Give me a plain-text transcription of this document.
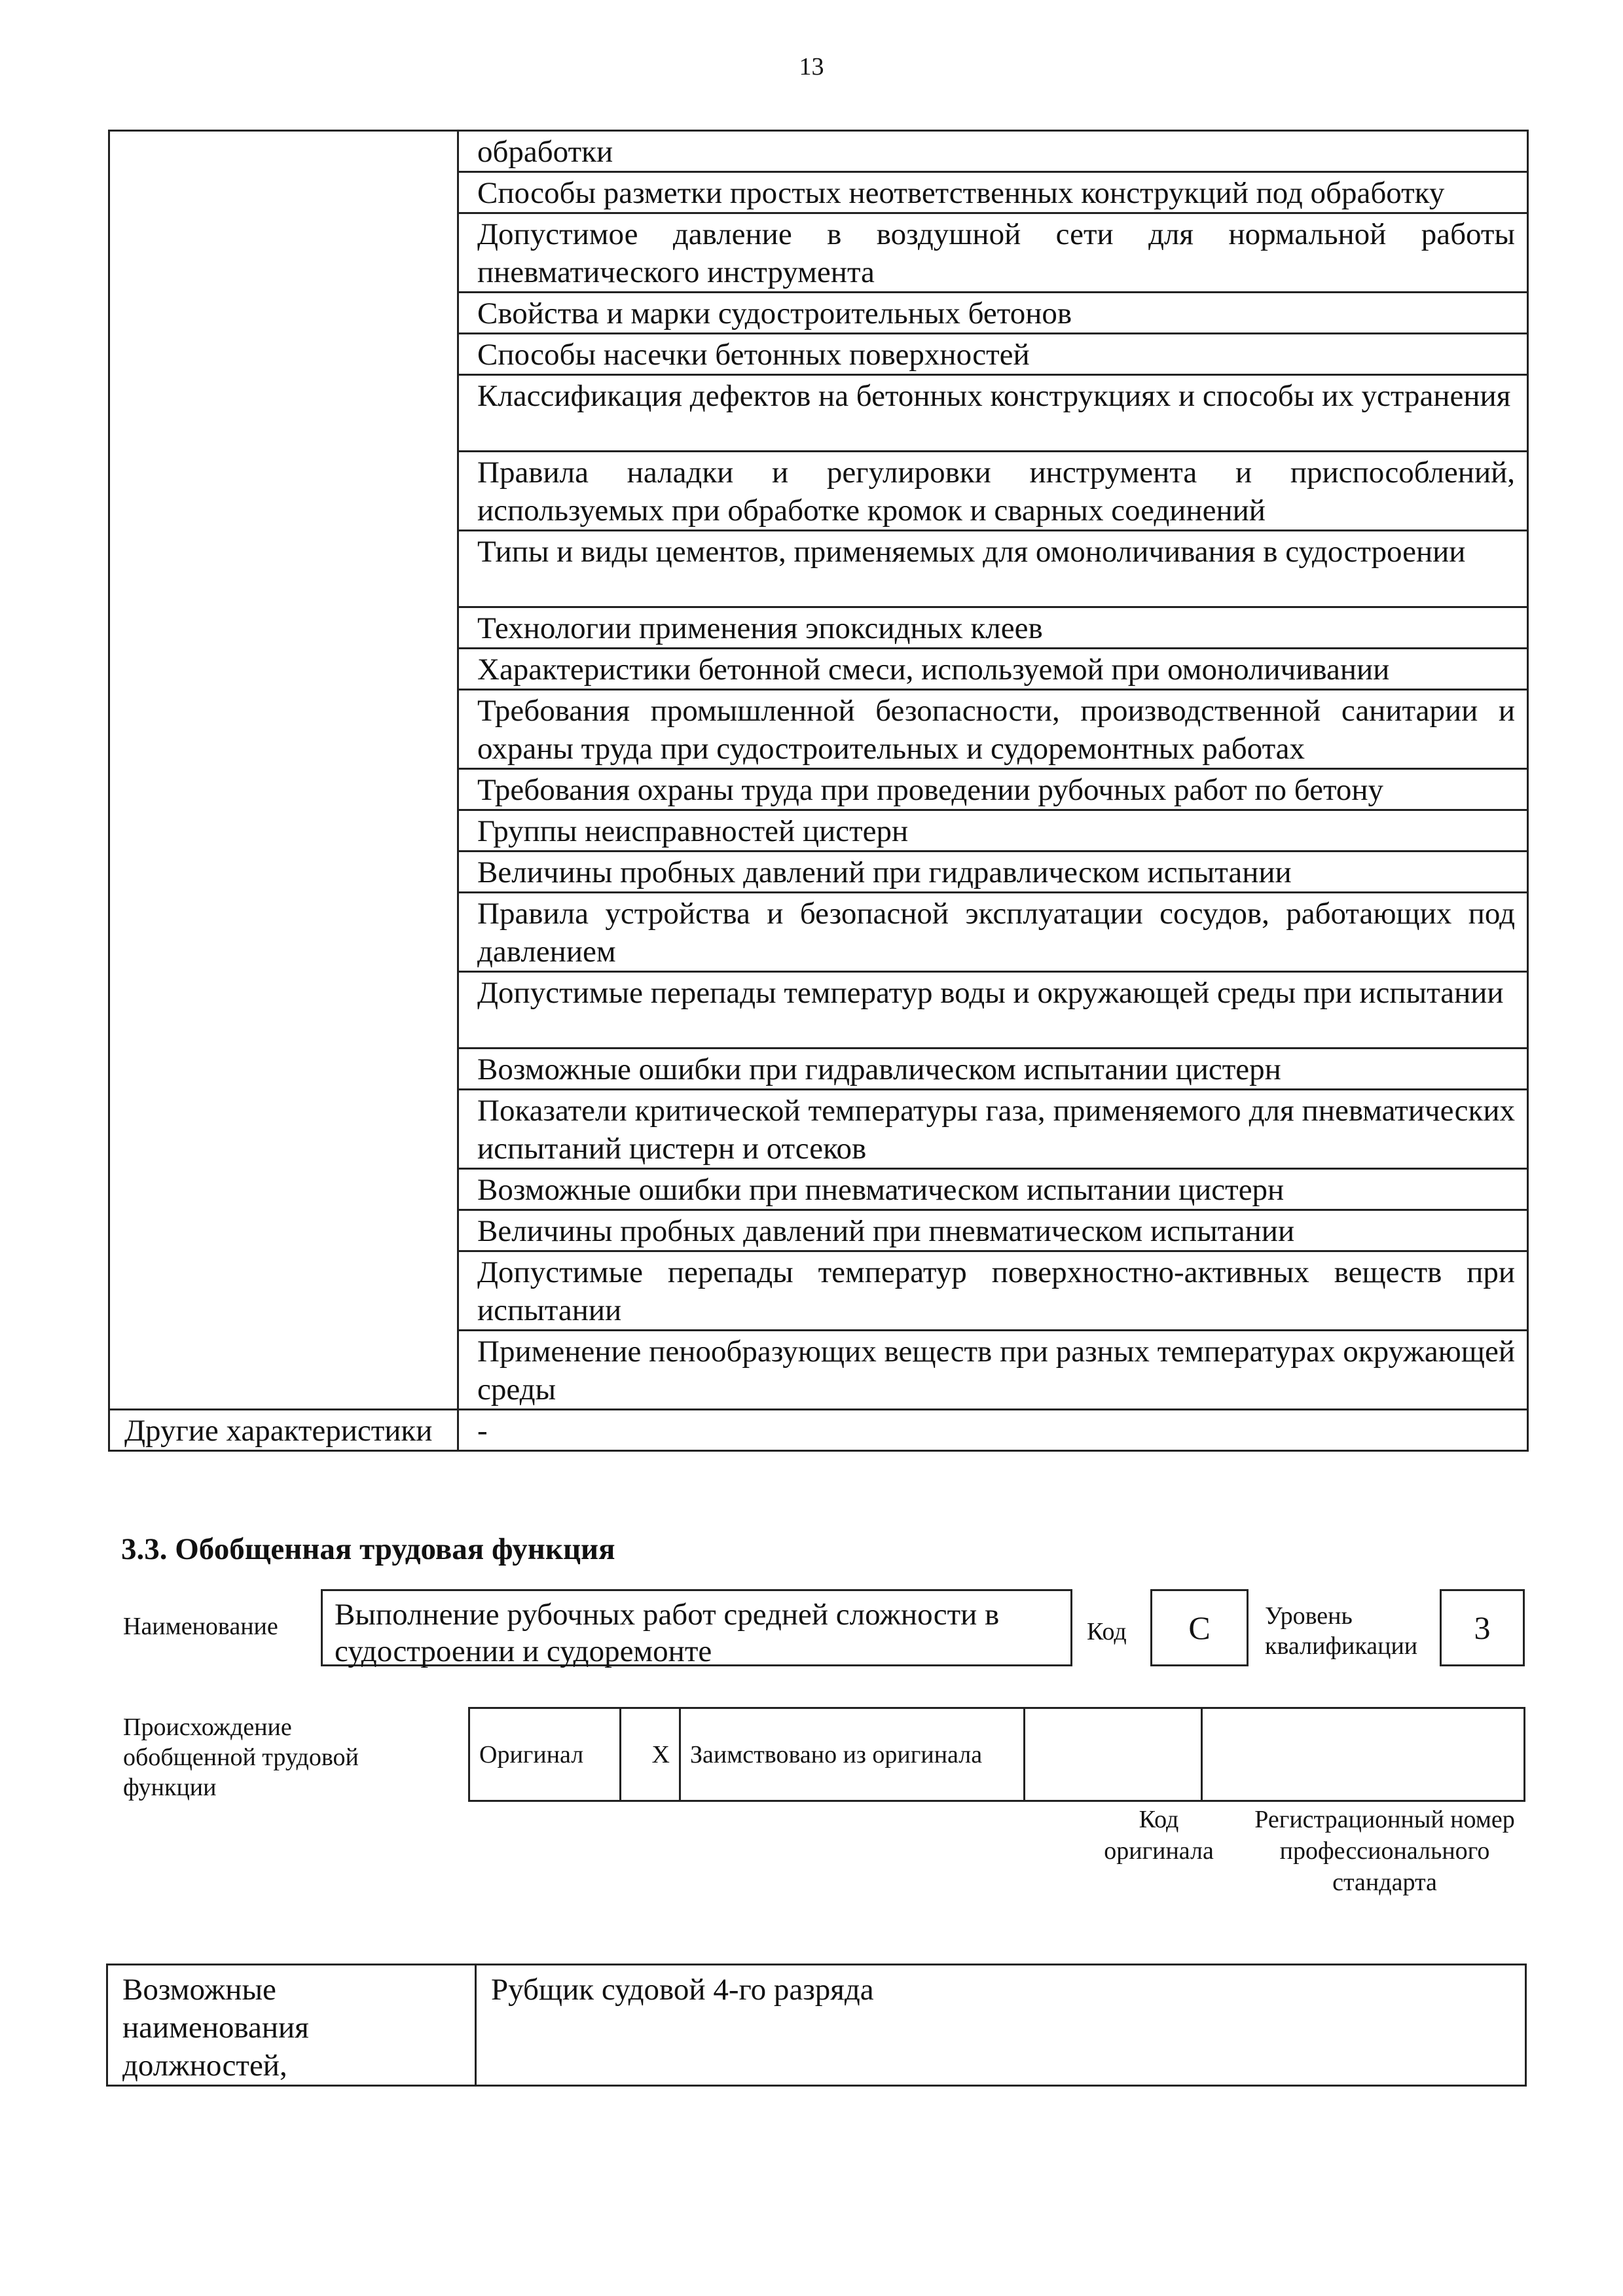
13
	обработки
	Способы разметки простых неответственных конструкций под обработку
	Допустимое давление в воздушной сети для нормальной работы пневматического инструмента
	Свойства и марки судостроительных бетонов
	Способы насечки бетонных поверхностей
	Классификация дефектов на бетонных конструкциях и способы их устранения
	Правила наладки и регулировки инструмента и приспособлений, используемых при обработке кромок и сварных соединений
	Типы и виды цементов, применяемых для омоноличивания в судостроении
	Технологии применения эпоксидных клеев
	Характеристики бетонной смеси, используемой при омоноличивании
	Требования промышленной безопасности, производственной санитарии и охраны труда при судостроительных и судоремонтных работах
	Требования охраны труда при проведении рубочных работ по бетону
	Группы неисправностей цистерн
	Величины пробных давлений при гидравлическом испытании
	Правила устройства и безопасной эксплуатации сосудов, работающих под давлением
	Допустимые перепады температур воды и окружающей среды при испытании
	Возможные ошибки при гидравлическом испытании цистерн
	Показатели критической температуры газа, применяемого для пневматических испытаний цистерн и отсеков
	Возможные ошибки при пневматическом испытании цистерн
	Величины пробных давлений при пневматическом испытании
	Допустимые перепады температур поверхностно-активных веществ при испытании
	Применение пенообразующих веществ при разных температурах окружающей среды
Другие характеристики	-
3.3. Обобщенная трудовая функция
Наименование	Выполнение рубочных работ средней сложности в судостроении и судоремонте
Код	C	Уровень квалификации	3
Происхождение обобщенной трудовой функции
Оригинал	X	Заимствовано из оригинала		
Код оригинала
Регистрационный номер профессионального стандарта
Возможные наименования должностей,	Рубщик судовой 4-го разряда
